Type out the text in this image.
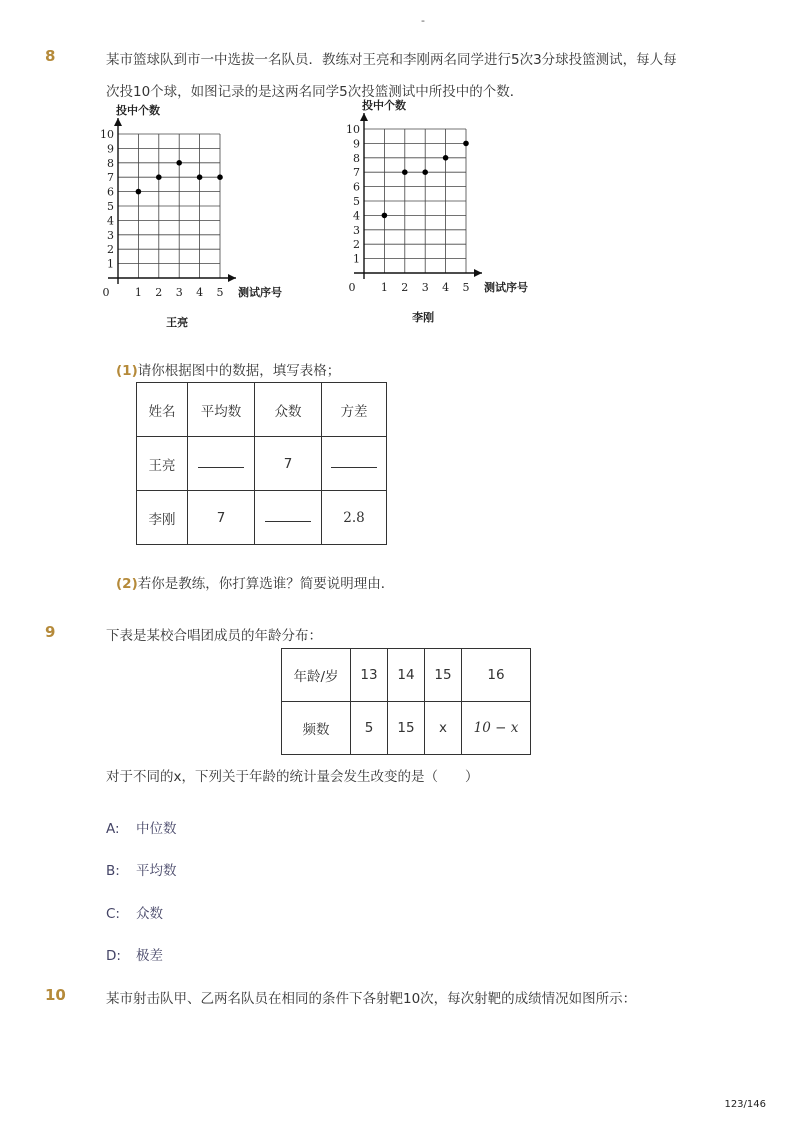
-
8	某市篮球队到市一中选拔一名队员．教练对王亮和李刚两名同学进行5次3分球投篮测试，每人每
次投10个球，如图记录的是这两名同学5次投篮测试中所投中的个数．
1 2 3 4 5
1
2
3
4
5
6
7
8
9
10
0
投中个数
测试序号
王亮
1 2 3 4 5
1
2
3
4
5
6
7
8
9
10
0
投中个数
测试序号
李刚
(1)请你根据图中的数据，填写表格；
姓名	平均数	众数	方差
王亮		7	
李刚	7		2.8
(2)若你是教练，你打算选谁？简要说明理由．
9	下表是某校合唱团成员的年龄分布：
年龄/岁	13	14	15	16
频数	5	15	x	10 − x
对于不同的x，下列关于年龄的统计量会发生改变的是（　　）
A: 中位数
B: 平均数
C: 众数
D: 极差
10	某市射击队甲、乙两名队员在相同的条件下各射靶10次，每次射靶的成绩情况如图所示：
123/146
